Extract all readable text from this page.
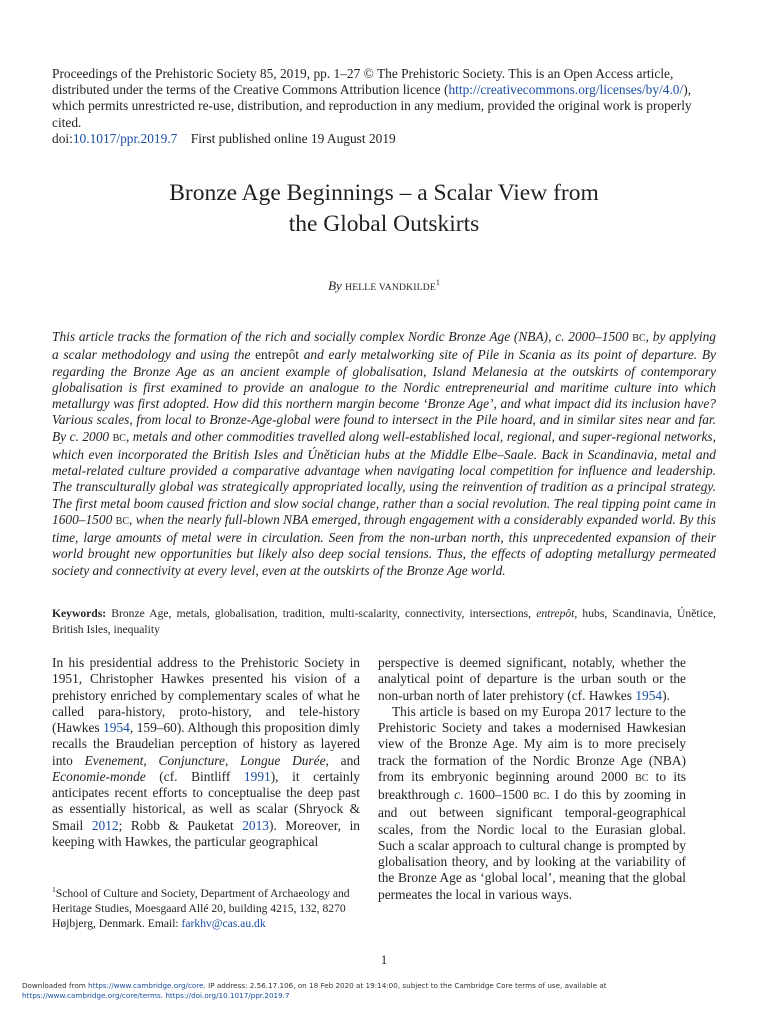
Proceedings of the Prehistoric Society 85, 2019, pp. 1–27 © The Prehistoric Society. This is an Open Access article, distributed under the terms of the Creative Commons Attribution licence (http://creativecommons.org/licenses/by/4.0/), which permits unrestricted re-use, distribution, and reproduction in any medium, provided the original work is properly cited.
doi:10.1017/ppr.2019.7 First published online 19 August 2019
Bronze Age Beginnings – a Scalar View from
the Global Outskirts
By HELLE VANDKILDE$^1$
This article tracks the formation of the rich and socially complex Nordic Bronze Age (NBA), c. 2000–1500 BC, by applying a scalar methodology and using the entrepôt and early metalworking site of Pile in Scania as its point of departure. By regarding the Bronze Age as an ancient example of globalisation, Island Melanesia at the outskirts of contemporary globalisation is first examined to provide an analogue to the Nordic entrepreneurial and maritime culture into which metallurgy was first adopted. How did this northern margin become ‘Bronze Age’, and what impact did its inclusion have? Various scales, from local to Bronze-Age-global were found to intersect in the Pile hoard, and in similar sites near and far. By c. 2000 BC, metals and other commodities travelled along well-established local, regional, and super-regional networks, which even incorporated the British Isles and Únětician hubs at the Middle Elbe–Saale. Back in Scandinavia, metal and metal-related culture provided a comparative advantage when navigating local competition for influence and leadership. The transculturally global was strategically appropriated locally, using the reinvention of tradition as a principal strategy. The first metal boom caused friction and slow social change, rather than a social revolution. The real tipping point came in 1600–1500 BC, when the nearly full-blown NBA emerged, through engagement with a considerably expanded world. By this time, large amounts of metal were in circulation. Seen from the non-urban north, this unprecedented expansion of their world brought new opportunities but likely also deep social tensions. Thus, the effects of adopting metallurgy permeated society and connectivity at every level, even at the outskirts of the Bronze Age world.
Keywords: Bronze Age, metals, globalisation, tradition, multi-scalarity, connectivity, intersections, entrepôt, hubs, Scandinavia, Únětice, British Isles, inequality

In his presidential address to the Prehistoric Society in 1951, Christopher Hawkes presented his vision of a prehistory enriched by complementary scales of what he called para-history, proto-history, and tele-history (Hawkes 1954, 159–60). Although this proposition dimly recalls the Braudelian perception of history as layered into Evenement, Conjuncture, Longue Durée, and Economie-monde (cf. Bintliff 1991), it certainly anticipates recent efforts to conceptualise the deep past as essentially historical, as well as scalar (Shryock & Smail 2012; Robb & Pauketat 2013). Moreover, in keeping with Hawkes, the particular geographical

$^1$School of Culture and Society, Department of Archaeology and Heritage Studies, Moesgaard Allé 20, building 4215, 132, 8270 Højbjerg, Denmark. Email: farkhv@cas.au.dk

perspective is deemed significant, notably, whether the analytical point of departure is the urban south or the non-urban north of later prehistory (cf. Hawkes 1954).

This article is based on my Europa 2017 lecture to the Prehistoric Society and takes a modernised Hawkesian view of the Bronze Age. My aim is to more precisely track the formation of the Nordic Bronze Age (NBA) from its embryonic beginning around 2000 BC to its breakthrough c. 1600–1500 BC. I do this by zooming in and out between significant temporal-geographical scales, from the Nordic local to the Eurasian global. Such a scalar approach to cultural change is prompted by globalisation theory, and by looking at the variability of the Bronze Age as ‘global local’, meaning that the global permeates the local in various ways.

1
Downloaded from https://www.cambridge.org/core. IP address: 2.56.17.106, on 18 Feb 2020 at 19:14:00, subject to the Cambridge Core terms of use, available at
https://www.cambridge.org/core/terms. https://doi.org/10.1017/ppr.2019.7
